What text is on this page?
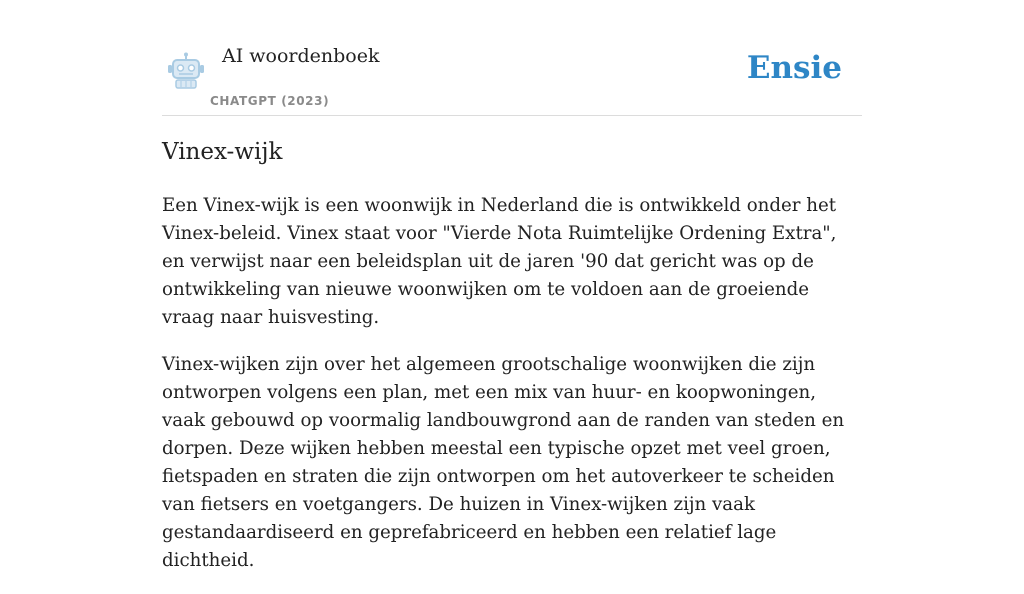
AI woordenboek
CHATGPT (2023)
Ensie
Vinex-wijk

Een Vinex-wijk is een woonwijk in Nederland die is ontwikkeld onder het Vinex-beleid. Vinex staat voor "Vierde Nota Ruimtelijke Ordening Extra", en verwijst naar een beleidsplan uit de jaren '90 dat gericht was op de ontwikkeling van nieuwe woonwijken om te voldoen aan de groeiende vraag naar huisvesting.

Vinex-wijken zijn over het algemeen grootschalige woonwijken die zijn ontworpen volgens een plan, met een mix van huur- en koopwoningen, vaak gebouwd op voormalig landbouwgrond aan de randen van steden en dorpen. Deze wijken hebben meestal een typische opzet met veel groen, fietspaden en straten die zijn ontworpen om het autoverkeer te scheiden van fietsers en voetgangers. De huizen in Vinex-wijken zijn vaak gestandaardiseerd en geprefabriceerd en hebben een relatief lage dichtheid.
